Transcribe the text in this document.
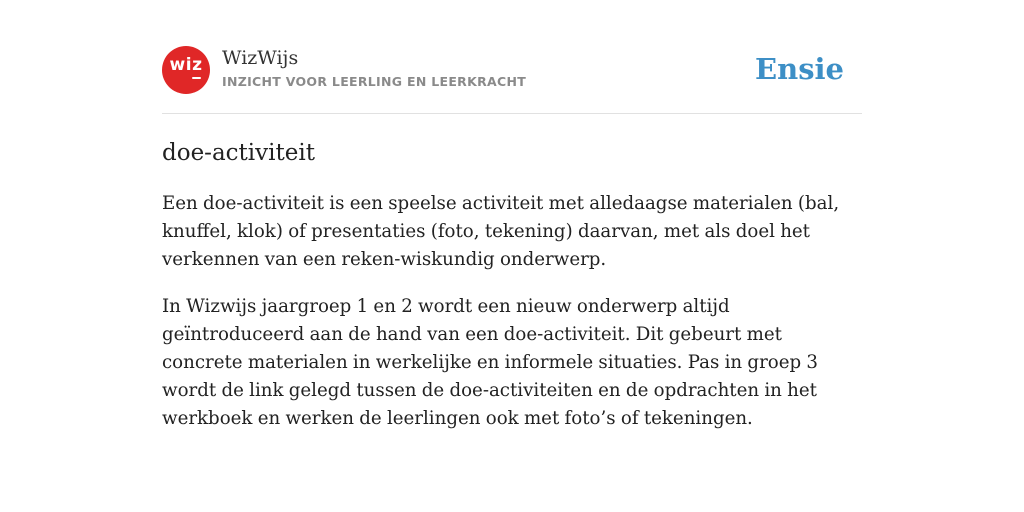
wiz	WizWijs
INZICHT VOOR LEERLING EN LEERKRACHT	Ensie
doe-activiteit

Een doe-activiteit is een speelse activiteit met alledaagse materialen (bal, knuffel, klok) of presentaties (foto, tekening) daarvan, met als doel het verkennen van een reken-wiskundig onderwerp.

In Wizwijs jaargroep 1 en 2 wordt een nieuw onderwerp altijd geïntroduceerd aan de hand van een doe-activiteit. Dit gebeurt met concrete materialen in werkelijke en informele situaties. Pas in groep 3 wordt de link gelegd tussen de doe-activiteiten en de opdrachten in het werkboek en werken de leerlingen ook met foto’s of tekeningen.
